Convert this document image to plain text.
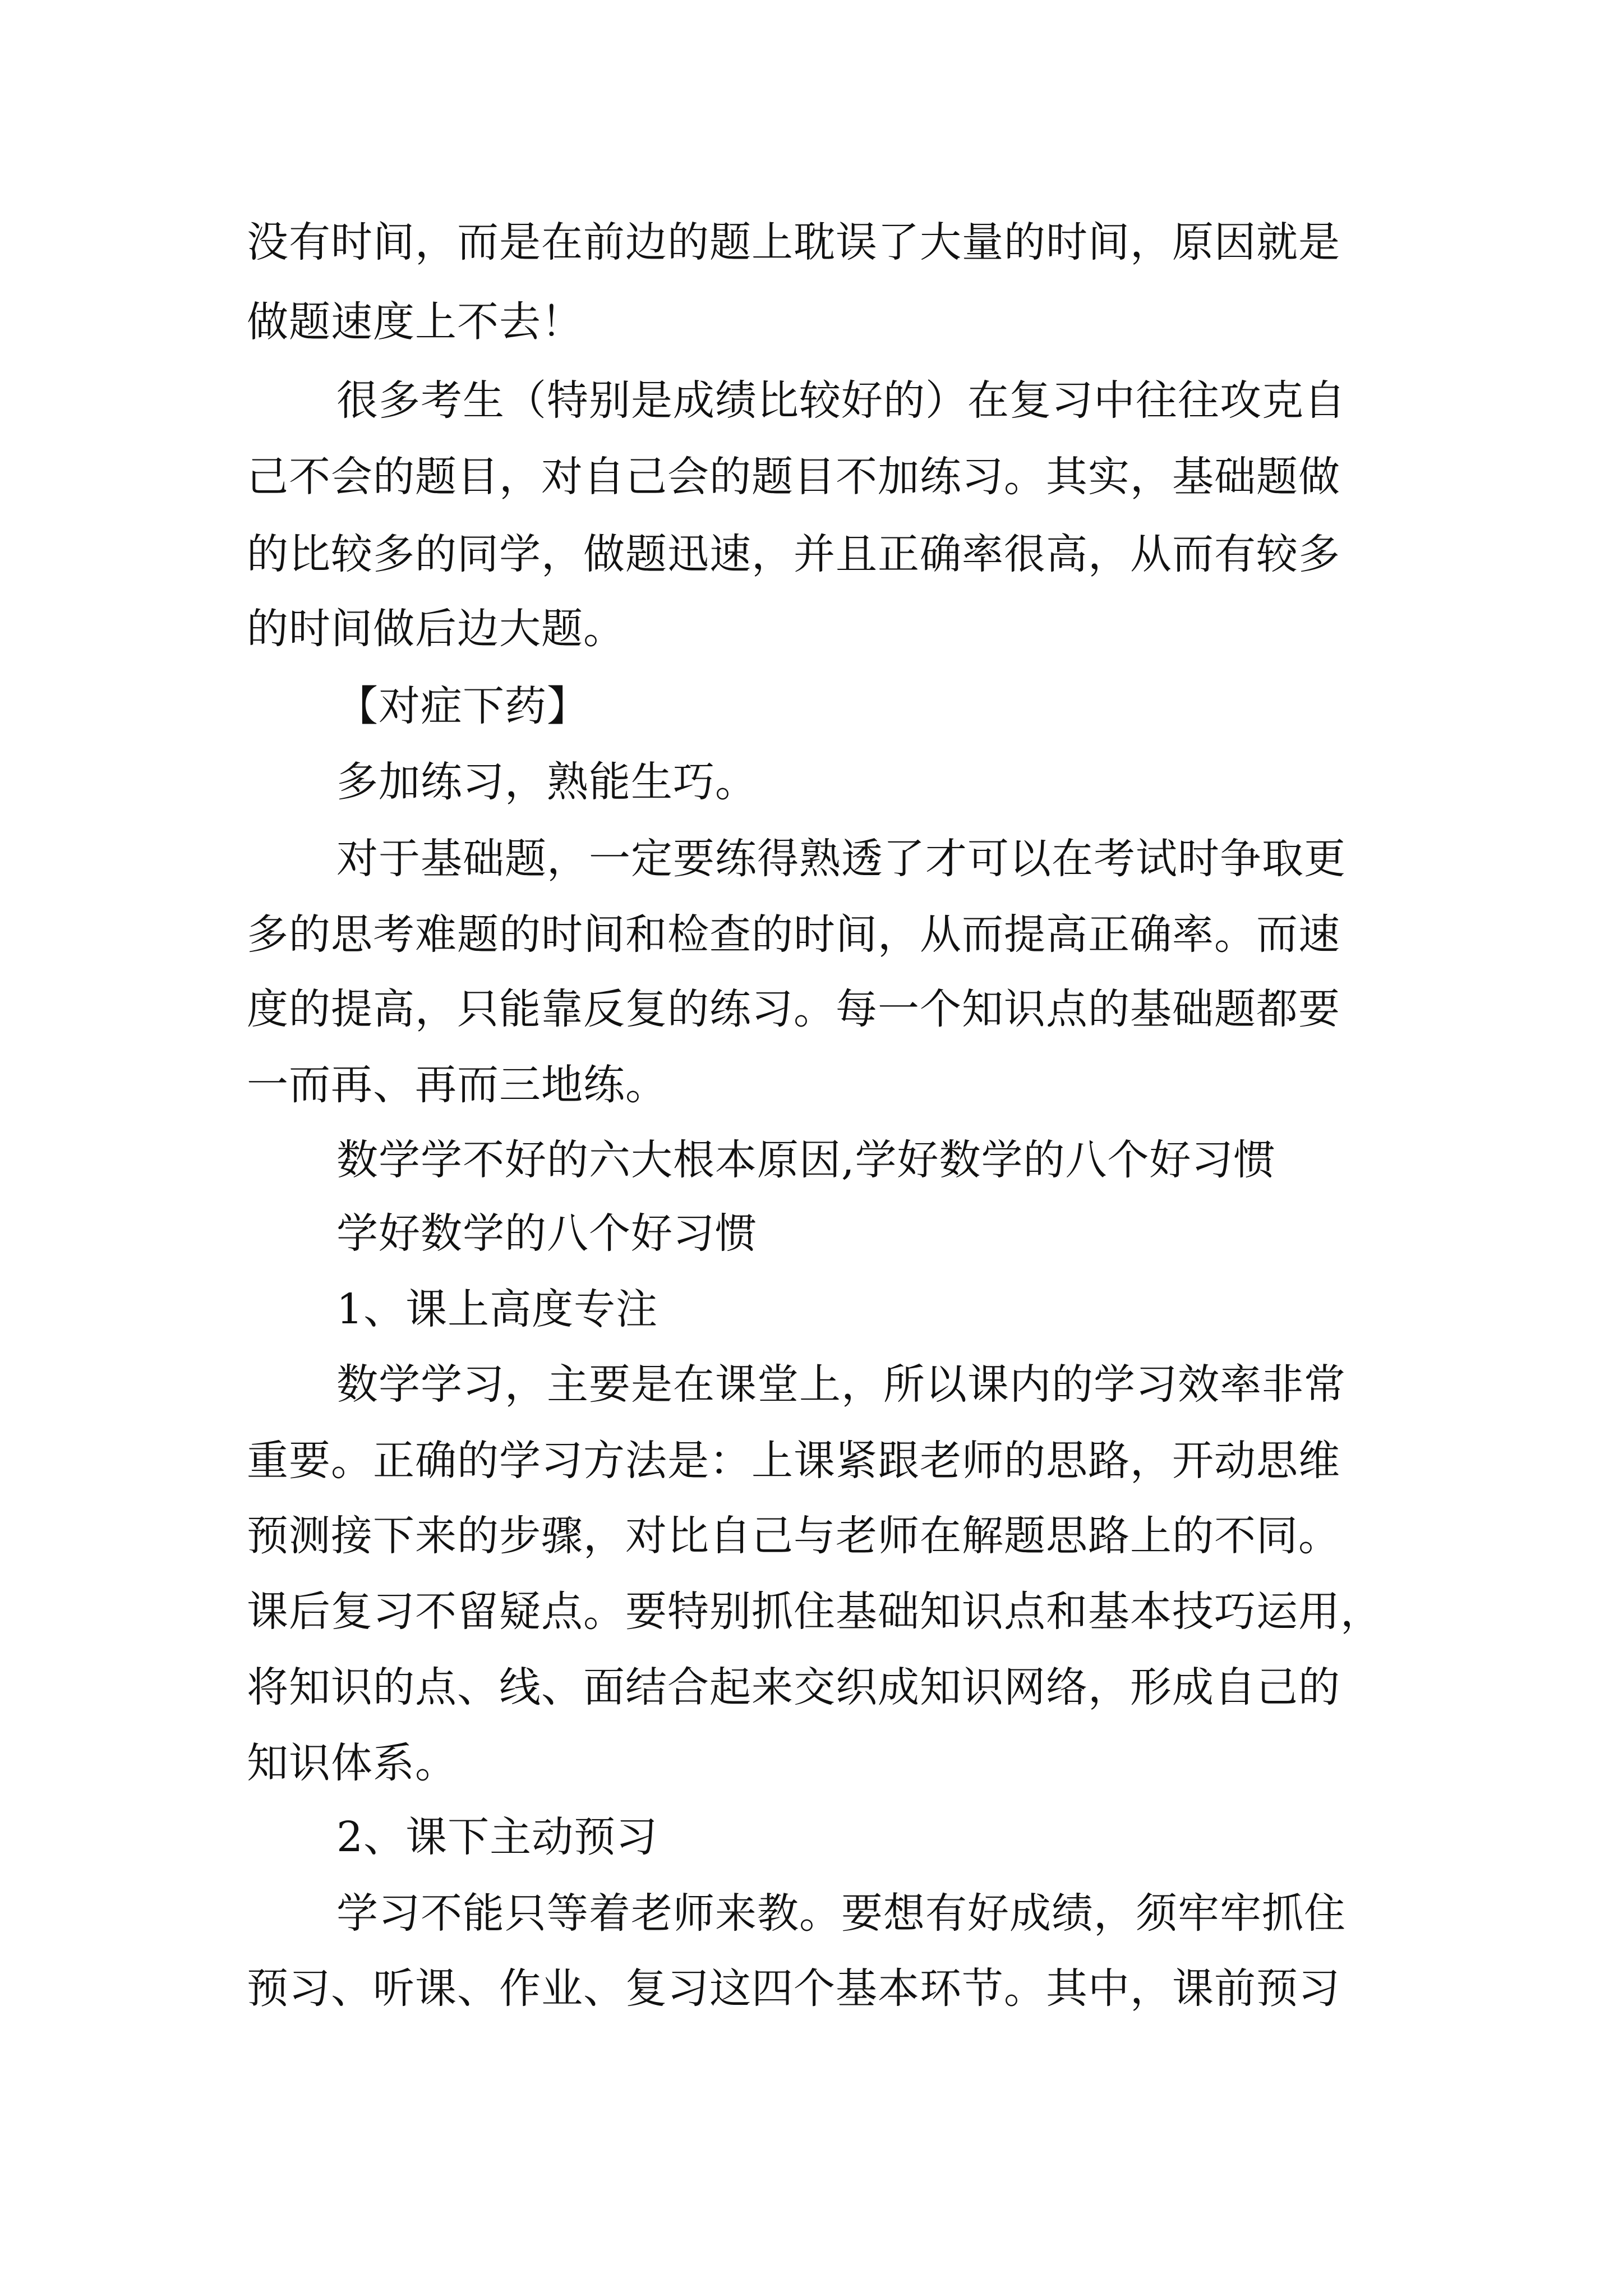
没有时间，而是在前边的题上耽误了大量的时间，原因就是

做题速度上不去！

很多考生（特别是成绩比较好的）在复习中往往攻克自

己不会的题目，对自己会的题目不加练习。其实，基础题做

的比较多的同学，做题迅速，并且正确率很高，从而有较多

的时间做后边大题。

【对症下药】

多加练习，熟能生巧。

对于基础题，一定要练得熟透了才可以在考试时争取更

多的思考难题的时间和检查的时间，从而提高正确率。而速

度的提高，只能靠反复的练习。每一个知识点的基础题都要

一而再、再而三地练。

数学学不好的六大根本原因,学好数学的八个好习惯

学好数学的八个好习惯

1、课上高度专注

数学学习，主要是在课堂上，所以课内的学习效率非常

重要。正确的学习方法是：上课紧跟老师的思路，开动思维

预测接下来的步骤，对比自己与老师在解题思路上的不同。

课后复习不留疑点。要特别抓住基础知识点和基本技巧运用，

将知识的点、线、面结合起来交织成知识网络，形成自己的

知识体系。

2、课下主动预习

学习不能只等着老师来教。要想有好成绩，须牢牢抓住

预习、听课、作业、复习这四个基本环节。其中，课前预习
